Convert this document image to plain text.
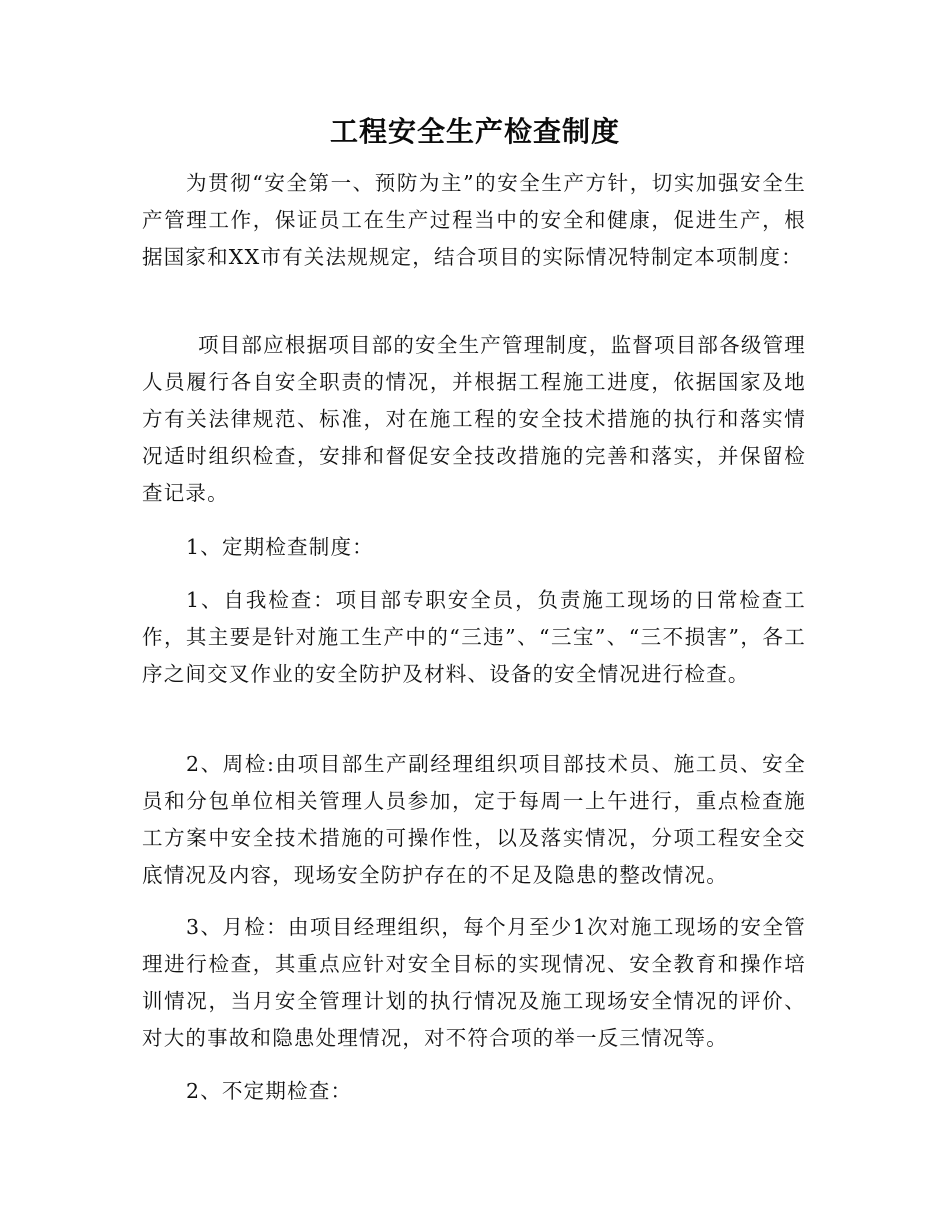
工程安全生产检查制度

为贯彻“安全第一、预防为主”的安全生产方针，切实加强安全生产管理工作，保证员工在生产过程当中的安全和健康，促进生产，根据国家和XX市有关法规规定，结合项目的实际情况特制定本项制度：

项目部应根据项目部的安全生产管理制度，监督项目部各级管理人员履行各自安全职责的情况，并根据工程施工进度，依据国家及地方有关法律规范、标准，对在施工程的安全技术措施的执行和落实情况适时组织检查，安排和督促安全技改措施的完善和落实，并保留检查记录。

1、定期检查制度：

1、自我检查：项目部专职安全员，负责施工现场的日常检查工作，其主要是针对施工生产中的“三违”、“三宝”、“三不损害”，各工序之间交叉作业的安全防护及材料、设备的安全情况进行检查。

2、周检:由项目部生产副经理组织项目部技术员、施工员、安全员和分包单位相关管理人员参加，定于每周一上午进行，重点检查施工方案中安全技术措施的可操作性，以及落实情况，分项工程安全交底情况及内容，现场安全防护存在的不足及隐患的整改情况。

3、月检：由项目经理组织，每个月至少1次对施工现场的安全管理进行检查，其重点应针对安全目标的实现情况、安全教育和操作培训情况，当月安全管理计划的执行情况及施工现场安全情况的评价、对大的事故和隐患处理情况，对不符合项的举一反三情况等。

2、不定期检查：
